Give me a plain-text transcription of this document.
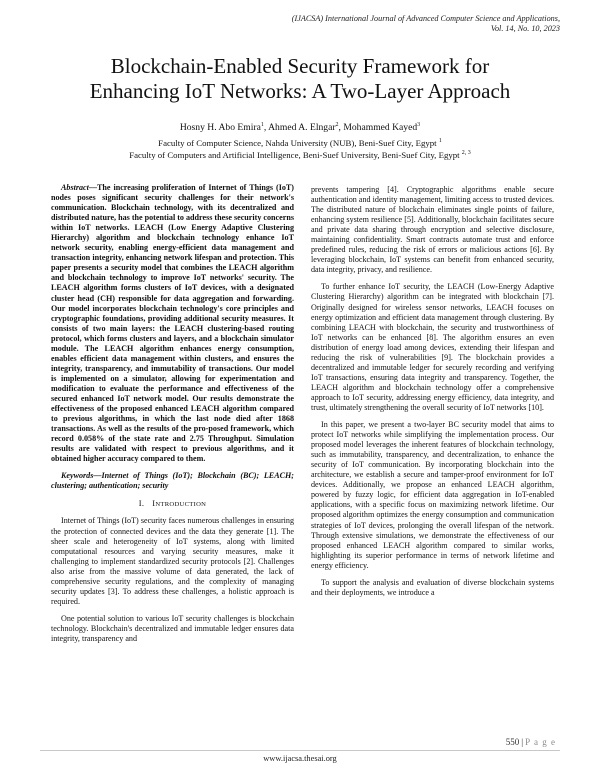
(IJACSA) International Journal of Advanced Computer Science and Applications,
Vol. 14, No. 10, 2023
Blockchain-Enabled Security Framework for
Enhancing IoT Networks: A Two-Layer Approach
Hosny H. Abo Emira$^1$, Ahmed A. Elngar$^2$, Mohammed Kayed$^3$
Faculty of Computer Science, Nahda University (NUB), Beni-Suef City, Egypt $^1$
Faculty of Computers and Artificial Intelligence, Beni-Suef University, Beni-Suef City, Egypt $^{2, 3}$
Abstract—The increasing proliferation of Internet of Things (IoT) nodes poses significant security challenges for their network's communication. Blockchain technology, with its decentralized and distributed nature, has the potential to address these security concerns within IoT networks. LEACH (Low Energy Adaptive Clustering Hierarchy) algorithm and blockchain technology enhance IoT network security, enabling energy-efficient data management and transaction integrity, enhancing network lifespan and protection. This paper presents a security model that combines the LEACH algorithm and blockchain technology to improve IoT networks' security. The LEACH algorithm forms clusters of IoT devices, with a designated cluster head (CH) responsible for data aggregation and forwarding. Our model incorporates blockchain technology's core principles and cryptographic foundations, providing additional security measures. It consists of two main layers: the LEACH clustering-based routing protocol, which forms clusters and layers, and a blockchain simulator module. The LEACH algorithm enhances energy consumption, enables efficient data management within clusters, and ensures the integrity, transparency, and immutability of transactions. Our model is implemented on a simulator, allowing for experimentation and modification to evaluate the performance and effectiveness of the secured enhanced IoT network model. Our results demonstrate the effectiveness of the proposed enhanced LEACH algorithm compared to previous algorithms, in which the last node died after 1868 transactions. As well as the results of the pro-posed framework, which record 0.058% of the state rate and 2.75 Throughput. Simulation results are validated with respect to previous algorithms, and it obtained higher accuracy compared to them.
Keywords—Internet of Things (IoT); Blockchain (BC); LEACH; clustering; authentication; security
I. INTRODUCTION

Internet of Things (IoT) security faces numerous challenges in ensuring the protection of connected devices and the data they generate [1]. The sheer scale and heterogeneity of IoT systems, along with limited computational resources and varying security measures, make it challenging to implement standardized security protocols [2]. Challenges also arise from the massive volume of data generated, the lack of comprehensive security regulations, and the complexity of managing security updates [3]. To address these challenges, a holistic approach is required.

One potential solution to various IoT security challenges is blockchain technology. Blockchain's decentralized and immutable ledger ensures data integrity, transparency and

prevents tampering [4]. Cryptographic algorithms enable secure authentication and identity management, limiting access to trusted devices. The distributed nature of blockchain eliminates single points of failure, enhancing system resilience [5]. Additionally, blockchain facilitates secure and private data sharing through encryption and selective disclosure, maintaining confidentiality. Smart contracts automate trust and enforce predefined rules, reducing the risk of errors or malicious actions [6]. By leveraging blockchain, IoT systems can benefit from enhanced security, data integrity, privacy, and resilience.

To further enhance IoT security, the LEACH (Low-Energy Adaptive Clustering Hierarchy) algorithm can be integrated with blockchain [7]. Originally designed for wireless sensor networks, LEACH focuses on energy optimization and efficient data management through clustering. By combining LEACH with blockchain, the security and trustworthiness of IoT networks can be enhanced [8]. The algorithm ensures an even distribution of energy load among devices, extending their lifespan and reducing the risk of vulnerabilities [9]. The blockchain provides a decentralized and immutable ledger for securely recording and verifying IoT transactions, ensuring data integrity and transparency. Together, the LEACH algorithm and blockchain technology offer a comprehensive approach to IoT security, addressing energy efficiency, data integrity, and trust, ultimately strengthening the overall security of IoT networks [10].

In this paper, we present a two-layer BC security model that aims to protect IoT networks while simplifying the implementation process. Our proposed model leverages the inherent features of blockchain technology, such as immutability, transparency, and decentralization, to enhance the security of IoT communication. By incorporating blockchain into the architecture, we establish a secure and tamper-proof environment for IoT devices. Additionally, we propose an enhanced LEACH algorithm, powered by fuzzy logic, for efficient data aggregation in IoT-enabled applications, with a specific focus on maximizing network lifetime. Our proposed algorithm optimizes the energy consumption and communication strategies of IoT devices, prolonging the overall lifespan of the network. Through extensive simulations, we demonstrate the effectiveness of our proposed enhanced LEACH algorithm compared to similar works, highlighting its superior performance in terms of network lifetime and energy efficiency.

To support the analysis and evaluation of diverse blockchain systems and their deployments, we introduce a

550 | P a g e
www.ijacsa.thesai.org
